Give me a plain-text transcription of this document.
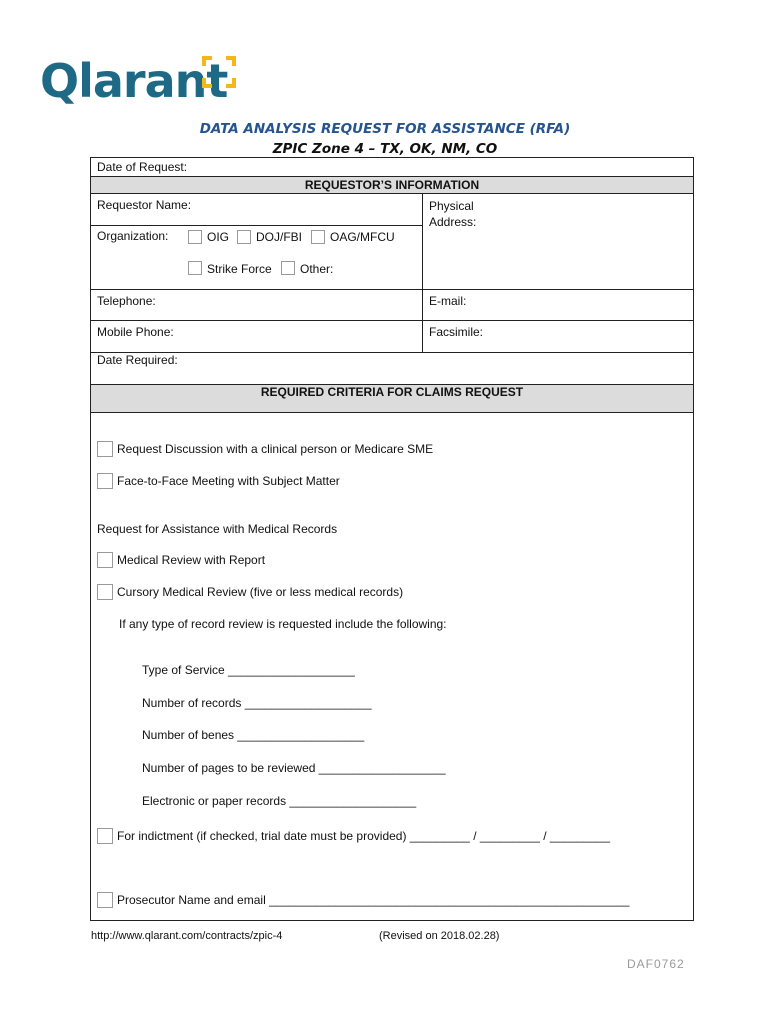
Qlarant
DATA ANALYSIS REQUEST FOR ASSISTANCE (RFA)
ZPIC Zone 4 – TX, OK, NM, CO
Date of Request:
REQUESTOR’S INFORMATION
Requestor Name:	Physical Address:
Organization:	OIG DOJ/FBI OAG/MFCU
Strike Force Other:
Telephone:	E-mail:
Mobile Phone:	Facsimile:
Date Required:
REQUIRED CRITERIA FOR CLAIMS REQUEST
Request Discussion with a clinical person or Medicare SME
Face-to-Face Meeting with Subject Matter
Request for Assistance with Medical Records
Medical Review with Report
Cursory Medical Review (five or less medical records)
If any type of record review is requested include the following:
Type of Service ___________________
Number of records ___________________
Number of benes ___________________
Number of pages to be reviewed ___________________
Electronic or paper records ___________________
For indictment (if checked, trial date must be provided) _________ / _________ / _________
Prosecutor Name and email ______________________________________________________
http://www.qlarant.com/contracts/zpic-4	(Revised on 2018.02.28)
DAF0762
